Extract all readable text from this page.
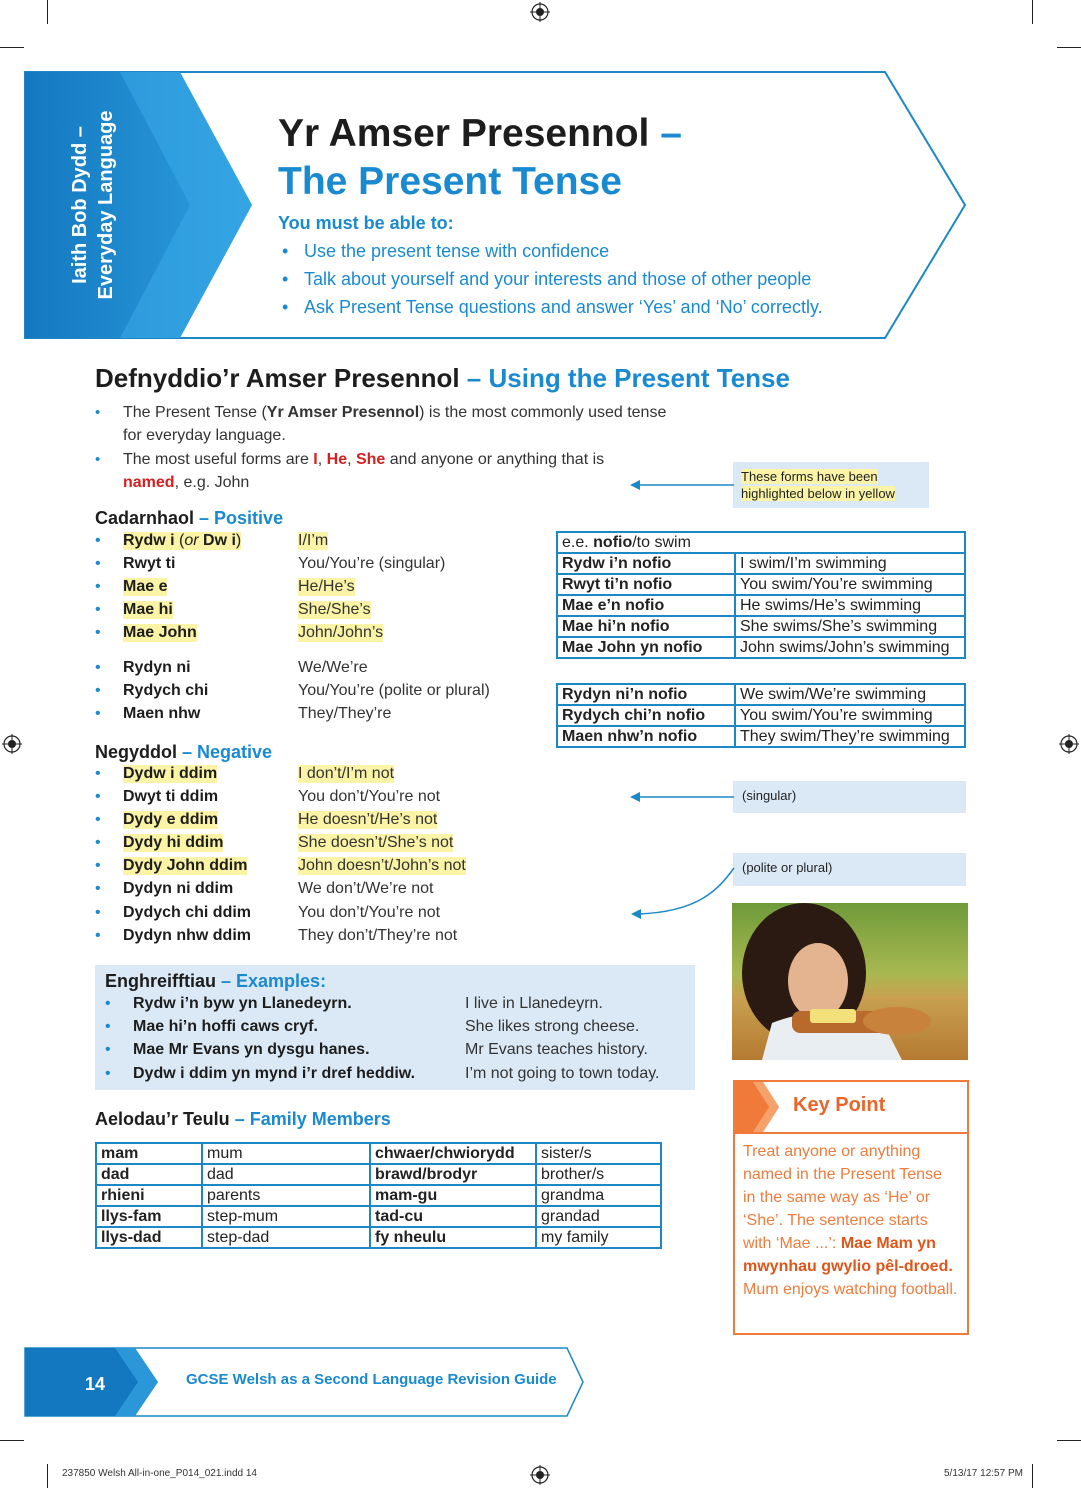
Iaith Bob Dydd – Everyday Language	Yr Amser Presennol –
The Present Tense
You must be able to:
• Use the present tense with confidence
• Talk about yourself and your interests and those of other people
• Ask Present Tense questions and answer ‘Yes’ and ‘No’ correctly.
Defnyddio’r Amser Presennol – Using the Present Tense
• The Present Tense (Yr Amser Presennol) is the most commonly used tense
for everyday language.
• The most useful forms are I, He, She and anyone or anything that is
named, e.g. John	These forms have been highlighted below in yellow
Cadarnhaol – Positive
• Rydw i (or Dw i)	I/I’m
• Rwyt ti	You/You’re (singular)
• Mae e	He/He’s
• Mae hi	She/She’s
• Mae John	John/John’s
• Rydyn ni	We/We’re
• Rydych chi	You/You’re (polite or plural)
• Maen nhw	They/They’re
e.e. nofio/to swim	
Rydw i’n nofio	I swim/I’m swimming
Rwyt ti’n nofio	You swim/You’re swimming
Mae e’n nofio	He swims/He’s swimming
Mae hi’n nofio	She swims/She’s swimming
Mae John yn nofio	John swims/John’s swimming
Rydyn ni’n nofio	We swim/We’re swimming
Rydych chi’n nofio	You swim/You’re swimming
Maen nhw’n nofio	They swim/They’re swimming
Negyddol – Negative
• Dydw i ddim	I don’t/I’m not
• Dwyt ti ddim	You don’t/You’re not
• Dydy e ddim	He doesn’t/He’s not
• Dydy hi ddim	She doesn’t/She’s not
• Dydy John ddim	John doesn’t/John’s not
• Dydyn ni ddim	We don’t/We’re not
• Dydych chi ddim	You don’t/You’re not
• Dydyn nhw ddim	They don’t/They’re not
(singular)
(polite or plural)
Enghreifftiau – Examples:
• Rydw i’n byw yn Llanedeyrn.	I live in Llanedeyrn.
• Mae hi’n hoffi caws cryf.	She likes strong cheese.
• Mae Mr Evans yn dysgu hanes.	Mr Evans teaches history.
• Dydw i ddim yn mynd i’r dref heddiw.	I’m not going to town today.
Aelodau’r Teulu – Family Members
mam	mum	chwaer/chwiorydd	sister/s
dad	dad	brawd/brodyr	brother/s
rhieni	parents	mam-gu	grandma
llys-fam	step-mum	tad-cu	grandad
llys-dad	step-dad	fy nheulu	my family
Key Point
Treat anyone or anything named in the Present Tense in the same way as ‘He’ or ‘She’. The sentence starts with ‘Mae ...’: Mae Mam yn mwynhau gwylio pêl-droed. Mum enjoys watching football.
14	GCSE Welsh as a Second Language Revision Guide
237850 Welsh All-in-one_P014_021.indd 14	5/13/17 12:57 PM
